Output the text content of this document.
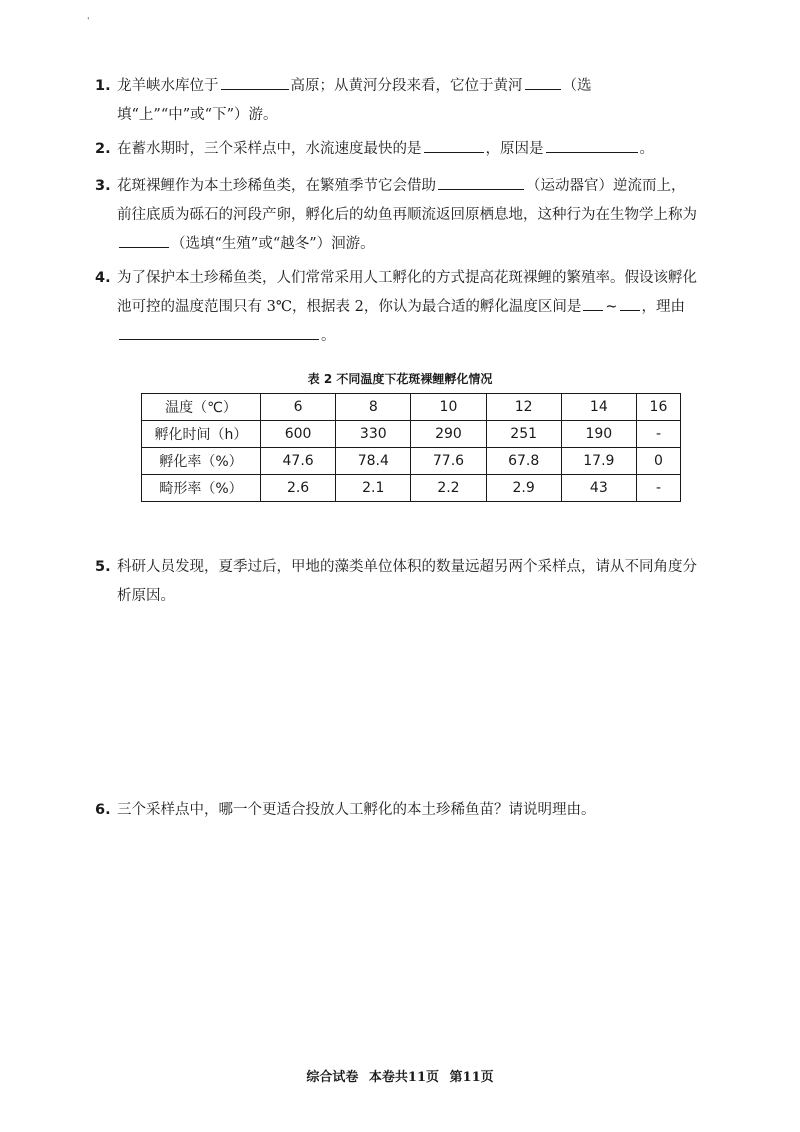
'
1. 龙羊峡水库位于	高原；从黄河分段来看，它位于黄河	（选填“上”“中”或“下”）游。
2. 在蓄水期时，三个采样点中，水流速度最快的是	，原因是	。
3. 花斑裸鲤作为本土珍稀鱼类，在繁殖季节它会借助	（运动器官）逆流而上，前往底质为砾石的河段产卵，孵化后的幼鱼再顺流返回原栖息地，这种行为在生物学上称为（选填“生殖”或“越冬”）洄游。
4. 为了保护本土珍稀鱼类，人们常常采用人工孵化的方式提高花斑裸鲤的繁殖率。假设该孵化池可控的温度范围只有 3℃，根据表 2，你认为最合适的孵化温度区间是 ~ ，理由。
表 2 不同温度下花斑裸鲤孵化情况
温度（℃）	6	8	10	12	14	16
孵化时间（h）	600	330	290	251	190	-
孵化率（%）	47.6	78.4	77.6	67.8	17.9	0
畸形率（%）	2.6	2.1	2.2	2.9	43	-
5. 科研人员发现，夏季过后，甲地的藻类单位体积的数量远超另两个采样点，请从不同角度分析原因。
6. 三个采样点中，哪一个更适合投放人工孵化的本土珍稀鱼苗？请说明理由。
综合试卷 本卷共11页 第11页
